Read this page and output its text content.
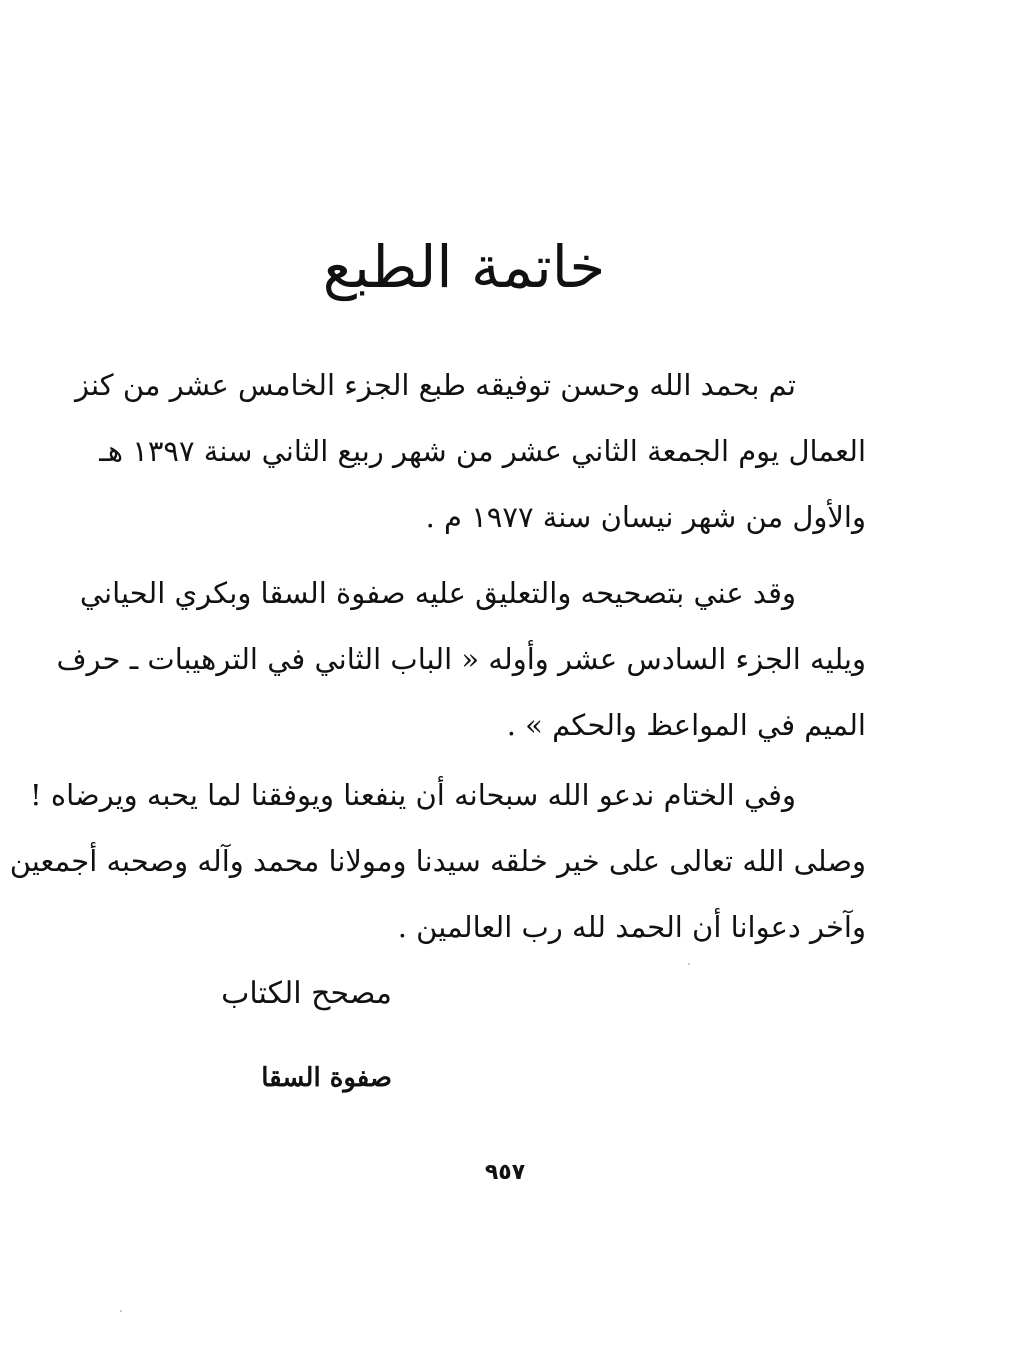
خاتمة الطبع
تم بحمد الله وحسن توفيقه طبع الجزء الخامس عشر من كنز
العمال يوم الجمعة الثاني عشر من شهر ربيع الثاني سنة ١٣٩٧ هـ
والأول من شهر نيسان سنة ١٩٧٧ م .
وقد عني بتصحيحه والتعليق عليه صفوة السقا وبكري الحياني
ويليه الجزء السادس عشر وأوله « الباب الثاني في الترهيبات ـ حرف
الميم في المواعظ والحكم » .
وفي الختام ندعو الله سبحانه أن ينفعنا ويوفقنا لما يحبه ويرضاه !
وصلى الله تعالى على خير خلقه سيدنا ومولانا محمد وآله وصحبه أجمعين
وآخر دعوانا أن الحمد لله رب العالمين .
مصحح الكتاب
صفوة السقا
٩٥٧
